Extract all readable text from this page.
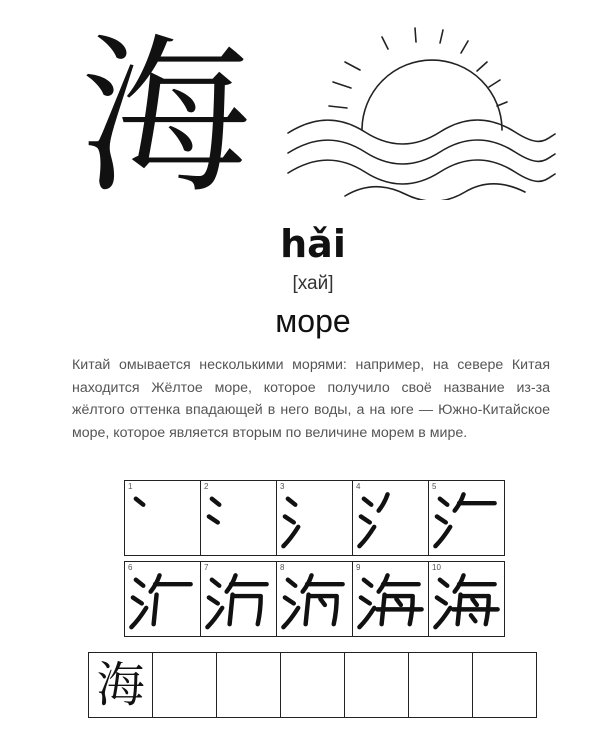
海
hǎi
[хай]
море
Китай омывается несколькими морями: например, на севере Китая находится Жёлтое море, которое получило своё название из-за жёлтого оттенка впадающей в него воды, а на юге — Южно-Китайское море, которое является вторым по величине морем в мире.
1	2	3	4	5
6	7	8	9	10
海
